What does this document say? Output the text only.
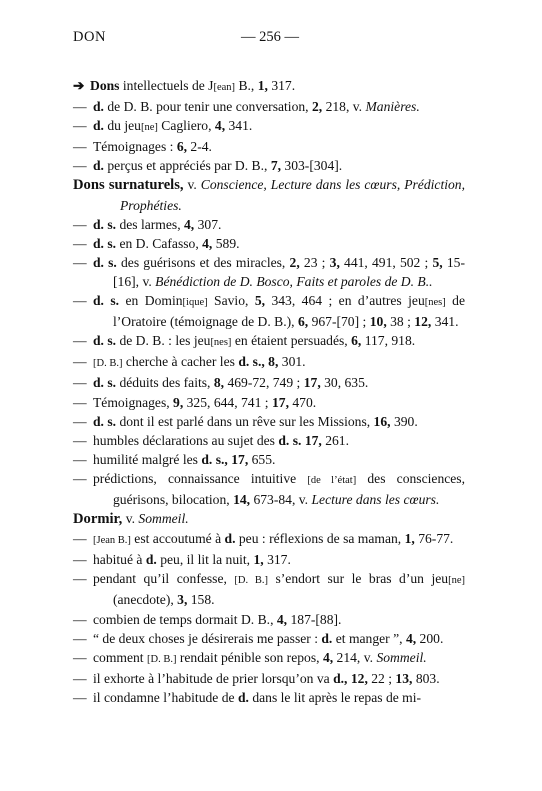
DON	— 256 —
➔Dons intellectuels de J[ean] B., 1, 317.
— d. de D. B. pour tenir une conversation, 2, 218, v. Manières.
— d. du jeu[ne] Cagliero, 4, 341.
— Témoignages : 6, 2-4.
— d. perçus et appréciés par D. B., 7, 303-[304].
Dons surnaturels, v. Conscience, Lecture dans les cœurs, Prédiction, Prophéties.
— d. s. des larmes, 4, 307.
— d. s. en D. Cafasso, 4, 589.
— d. s. des guérisons et des miracles, 2, 23 ; 3, 441, 491, 502 ; 5, 15-[16], v. Bénédiction de D. Bosco, Faits et paroles de D. B..
— d. s. en Domin[ique] Savio, 5, 343, 464 ; en d’autres jeu[nes] de l’Oratoire (témoignage de D. B.), 6, 967-[70] ; 10, 38 ; 12, 341.
— d. s. de D. B. : les jeu[nes] en étaient persuadés, 6, 117, 918.
— [D. B.] cherche à cacher les d. s., 8, 301.
— d. s. déduits des faits, 8, 469-72, 749 ; 17, 30, 635.
— Témoignages, 9, 325, 644, 741 ; 17, 470.
— d. s. dont il est parlé dans un rêve sur les Missions, 16, 390.
— humbles déclarations au sujet des d. s. 17, 261.
— humilité malgré les d. s., 17, 655.
— prédictions, connaissance intuitive [de l’état] des consciences, guérisons, bilocation, 14, 673-84, v. Lecture dans les cœurs.
Dormir, v. Sommeil.
— [Jean B.] est accoutumé à d. peu : réflexions de sa maman, 1, 76-77.
— habitué à d. peu, il lit la nuit, 1, 317.
— pendant qu’il confesse, [D. B.] s’endort sur le bras d’un jeu[ne] (anecdote), 3, 158.
— combien de temps dormait D. B., 4, 187-[88].
— “ de deux choses je désirerais me passer : d. et manger ”, 4, 200.
— comment [D. B.] rendait pénible son repos, 4, 214, v. Sommeil.
— il exhorte à l’habitude de prier lorsqu’on va d., 12, 22 ; 13, 803.
— il condamne l’habitude de d. dans le lit après le repas de mi-
